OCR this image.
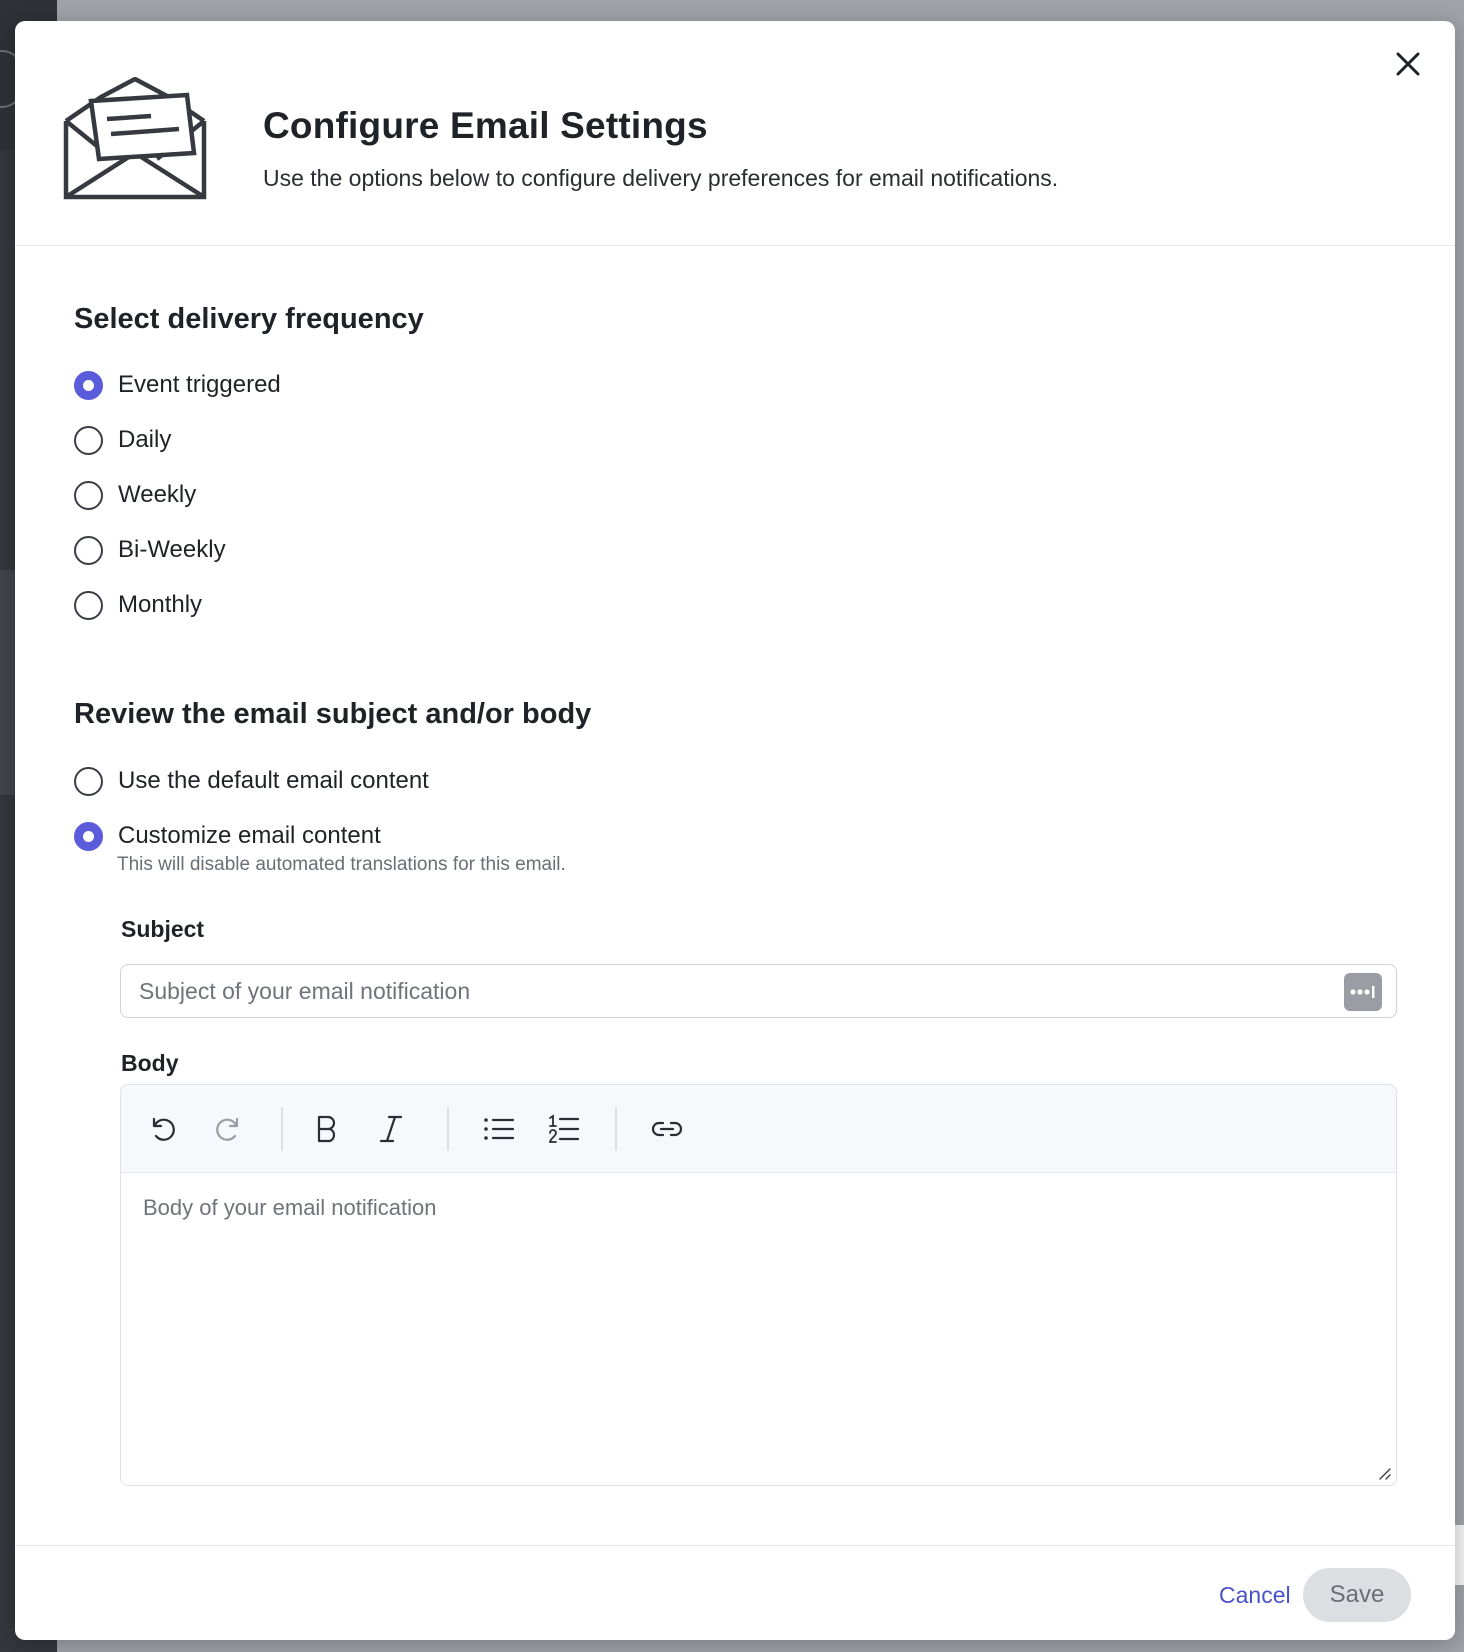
Configure Email Settings
Use the options below to configure delivery preferences for email notifications.
Select delivery frequency
Event triggered
Daily
Weekly
Bi-Weekly
Monthly
Review the email subject and/or body
Use the default email content
Customize email content
This will disable automated translations for this email.
Subject
Subject of your email notification
Body
Body of your email notification
Cancel	Save
